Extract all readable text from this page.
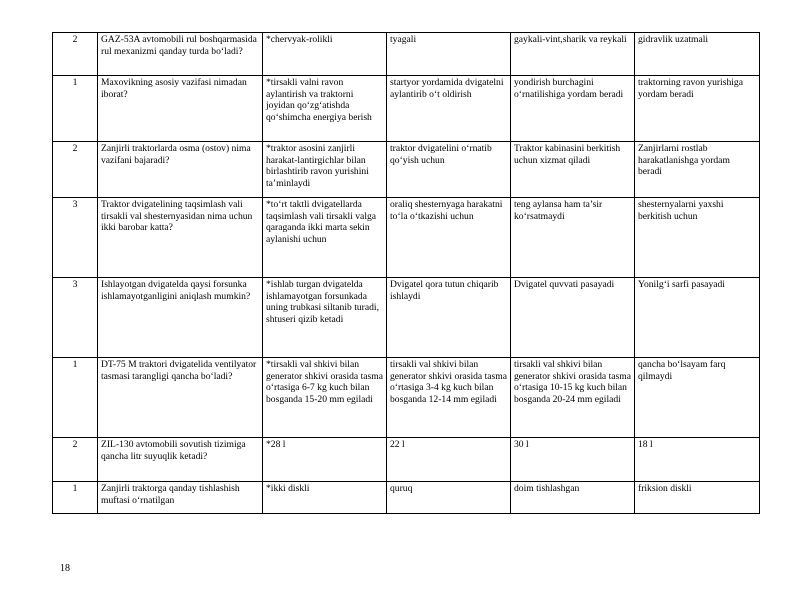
2	GAZ-53A avtomobili rul boshqarmasida rul mexanizmi qanday turda bo‘ladi?	*chervyak-rolikli	tyagali	gaykali-vint,sharik va reykali	gidravlik uzatmali
1	Maxovikning asosiy vazifasi nimadan iborat?	*tirsakli valni ravon aylantirish va traktorni joyidan qo‘zg‘atishda qo‘shimcha energiya berish	startyor yordamida dvigatelni aylantirib o‘t oldirish	yondirish burchagini o‘rnatilishiga yordam beradi	traktorning ravon yurishiga yordam beradi
2	Zanjirli traktorlarda osma (ostov) nima vazifani bajaradi?	*traktor asosini zanjirli harakat-lantirgichlar bilan birlashtirib ravon yurishini ta’minlaydi	traktor dvigatelini o‘rnatib qo‘yish uchun	Traktor kabinasini berkitish uchun xizmat qiladi	Zanjirlarni rostlab harakatlanishga yordam beradi
3	Traktor dvigatelining taqsimlash vali tirsakli val shesternyasidan nima uchun ikki barobar katta?	*to‘rt taktli dvigatellarda taqsimlash vali tirsakli valga qaraganda ikki marta sekin aylanishi uchun	oraliq shesternyaga harakatni to‘la o‘tkazishi uchun	teng aylansa ham ta’sir ko‘rsatmaydi	shesternyalarni yaxshi berkitish uchun
3	Ishlayotgan dvigatelda qaysi forsunka ishlamayotganligini aniqlash mumkin?	*ishlab turgan dvigatelda ishlamayotgan forsunkada uning trubkasi siltanib turadi, shtuseri qizib ketadi	Dvigatel qora tutun chiqarib ishlaydi	Dvigatel quvvati pasayadi	Yonilg‘i sarfi pasayadi
1	DT-75 M traktori dvigatelida ventilyator tasmasi tarangligi qancha bo‘ladi?	*tirsakli val shkivi bilan generator shkivi orasida tasma o‘rtasiga 6-7 kg kuch bilan bosganda 15-20 mm egiladi	tirsakli val shkivi bilan generator shkivi orasida tasma o‘rtasiga 3-4 kg kuch bilan bosganda 12-14 mm egiladi	tirsakli val shkivi bilan generator shkivi orasida tasma o‘rtasiga 10-15 kg kuch bilan bosganda 20-24 mm egiladi	qancha bo‘lsayam farq qilmaydi
2	ZIL-130 avtomobili sovutish tizimiga qancha litr suyuqlik ketadi?	*28 l	22 l	30 l	18 l
1	Zanjirli traktorga qanday tishlashish muftasi o‘rnatilgan	*ikki diskli	quruq	doim tishlashgan	friksion diskli
18
